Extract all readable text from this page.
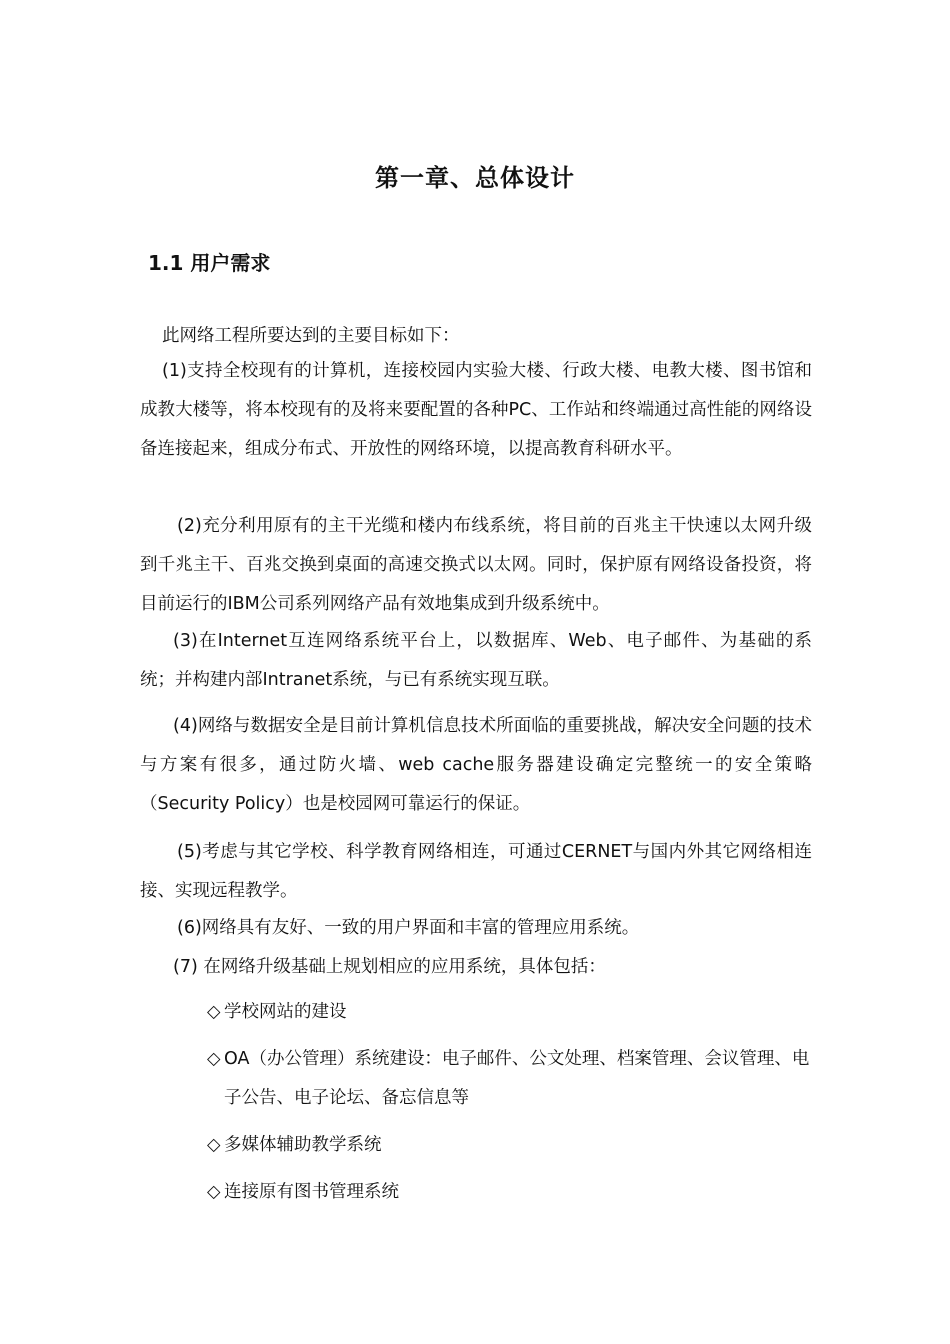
第一章、总体设计
1.1 用户需求

此网络工程所要达到的主要目标如下：

(1)支持全校现有的计算机，连接校园内实验大楼、行政大楼、电教大楼、图书馆和成教大楼等，将本校现有的及将来要配置的各种PC、工作站和终端通过高性能的网络设备连接起来，组成分布式、开放性的网络环境，以提高教育科研水平。

(2)充分利用原有的主干光缆和楼内布线系统，将目前的百兆主干快速以太网升级到千兆主干、百兆交换到桌面的高速交换式以太网。同时，保护原有网络设备投资，将目前运行的IBM公司系列网络产品有效地集成到升级系统中。

(3)在Internet互连网络系统平台上，以数据库、Web、电子邮件、为基础的系统；并构建内部Intranet系统，与已有系统实现互联。

(4)网络与数据安全是目前计算机信息技术所面临的重要挑战，解决安全问题的技术与方案有很多，通过防火墙、web cache服务器建设确定完整统一的安全策略（Security Policy）也是校园网可靠运行的保证。

(5)考虑与其它学校、科学教育网络相连，可通过CERNET与国内外其它网络相连接、实现远程教学。

(6)网络具有友好、一致的用户界面和丰富的管理应用系统。

(7) 在网络升级基础上规划相应的应用系统，具体包括：

◇ 学校网站的建设
◇ OA（办公管理）系统建设：电子邮件、公文处理、档案管理、会议管理、电子公告、电子论坛、备忘信息等
◇ 多媒体辅助教学系统
◇ 连接原有图书管理系统
